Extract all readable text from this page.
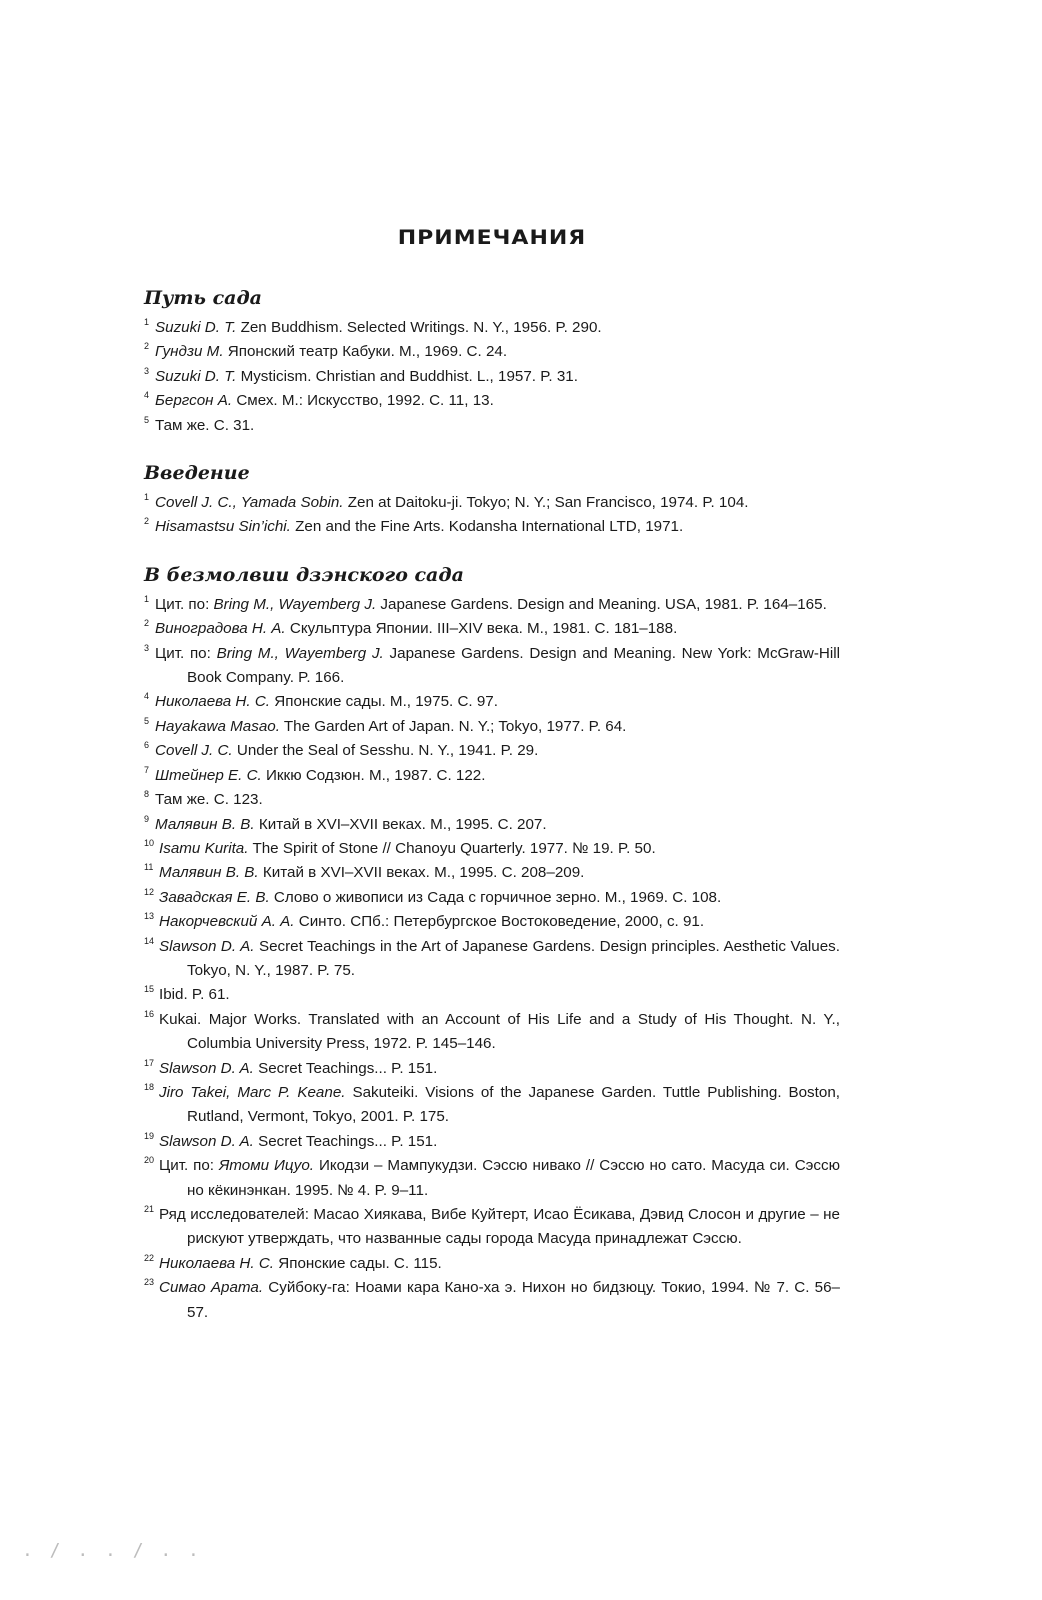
ПРИМЕЧАНИЯ
Путь сада
$^1$ Suzuki D. T. Zen Buddhism. Selected Writings. N. Y., 1956. P. 290.
$^2$ Гундзи М. Японский театр Кабуки. М., 1969. С. 24.
$^3$ Suzuki D. T. Mysticism. Christian and Buddhist. L., 1957. P. 31.
$^4$ Бергсон А. Смех. М.: Искусство, 1992. С. 11, 13.
$^5$ Там же. С. 31.
Введение
$^1$ Covell J. C., Yamada Sobin. Zen at Daitoku-ji. Tokyo; N. Y.; San Francisco, 1974. P. 104.
$^2$ Hisamastsu Sin’ichi. Zen and the Fine Arts. Kodansha International LTD, 1971.
В безмолвии дзэнского сада
$^1$ Цит. по: Bring M., Wayemberg J. Japanese Gardens. Design and Meaning. USA, 1981. P. 164–165.
$^2$ Виноградова Н. А. Скульптура Японии. III–XIV века. М., 1981. С. 181–188.
$^3$ Цит. по: Bring M., Wayemberg J. Japanese Gardens. Design and Meaning. New York: McGraw-Hill Book Company. P. 166.
$^4$ Николаева Н. С. Японские сады. М., 1975. С. 97.
$^5$ Hayakawa Masao. The Garden Art of Japan. N. Y.; Tokyo, 1977. P. 64.
$^6$ Covell J. C. Under the Seal of Sesshu. N. Y., 1941. P. 29.
$^7$ Штейнер Е. С. Иккю Содзюн. М., 1987. С. 122.
$^8$ Там же. С. 123.
$^9$ Малявин В. В. Китай в XVI–XVII веках. М., 1995. С. 207.
$^{10}$ Isamu Kurita. The Spirit of Stone // Chanoyu Quarterly. 1977. № 19. P. 50.
$^{11}$ Малявин В. В. Китай в XVI–XVII веках. М., 1995. С. 208–209.
$^{12}$ Завадская Е. В. Слово о живописи из Сада с горчичное зерно. М., 1969. С. 108.
$^{13}$ Накорчевский А. А. Синто. СПб.: Петербургское Востоковедение, 2000, с. 91.
$^{14}$ Slawson D. A. Secret Teachings in the Art of Japanese Gardens. Design principles. Aesthetic Values. Tokyo, N. Y., 1987. P. 75.
$^{15}$ Ibid. P. 61.
$^{16}$ Kukai. Major Works. Translated with an Account of His Life and a Study of His Thought. N. Y., Columbia University Press, 1972. P. 145–146.
$^{17}$ Slawson D. A. Secret Teachings... P. 151.
$^{18}$ Jiro Takei, Marc P. Keane. Sakuteiki. Visions of the Japanese Garden. Tuttle Publishing. Boston, Rutland, Vermont, Tokyo, 2001. P. 175.
$^{19}$ Slawson D. A. Secret Teachings... P. 151.
$^{20}$ Цит. по: Ятоми Ицуо. Икодзи – Мампукудзи. Сэссю нивако // Сэссю но сато. Масуда си. Сэссю но кёкинэнкан. 1995. № 4. P. 9–11.
$^{21}$ Ряд исследователей: Масао Хиякава, Вибе Куйтерт, Исао Ёсикава, Дэвид Слосон и другие – не рискуют утверждать, что названные сады города Масуда принадлежат Сэссю.
$^{22}$ Николаева Н. С. Японские сады. С. 115.
$^{23}$ Симао Арата. Суйбоку-га: Ноами кара Кано-ха э. Нихон но бидзюцу. Токио, 1994. № 7. С. 56–57.
. / . . / . .
